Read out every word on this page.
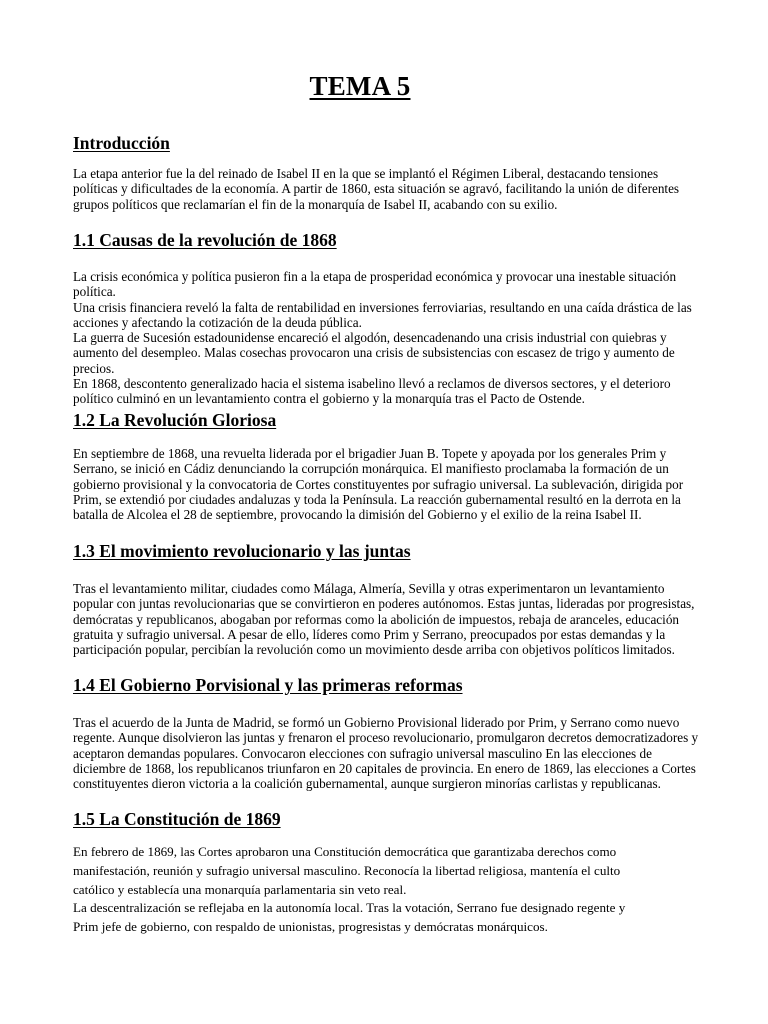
TEMA 5
Introducción

La etapa anterior fue la del reinado de Isabel II en la que se implantó el Régimen Liberal, destacando tensiones políticas y dificultades de la economía. A partir de 1860, esta situación se agravó, facilitando la unión de diferentes grupos políticos que reclamarían el fin de la monarquía de Isabel II, acabando con su exilio.

1.1 Causas de la revolución de 1868

La crisis económica y política pusieron fin a la etapa de prosperidad económica y provocar una inestable situación política.

Una crisis financiera reveló la falta de rentabilidad en inversiones ferroviarias, resultando en una caída drástica de las acciones y afectando la cotización de la deuda pública.

La guerra de Sucesión estadounidense encareció el algodón, desencadenando una crisis industrial con quiebras y aumento del desempleo. Malas cosechas provocaron una crisis de subsistencias con escasez de trigo y aumento de precios.

En 1868, descontento generalizado hacia el sistema isabelino llevó a reclamos de diversos sectores, y el deterioro político culminó en un levantamiento contra el gobierno y la monarquía tras el Pacto de Ostende.

1.2 La Revolución Gloriosa

En septiembre de 1868, una revuelta liderada por el brigadier Juan B. Topete y apoyada por los generales Prim y Serrano, se inició en Cádiz denunciando la corrupción monárquica. El manifiesto proclamaba la formación de un gobierno provisional y la convocatoria de Cortes constituyentes por sufragio universal. La sublevación, dirigida por Prim, se extendió por ciudades andaluzas y toda la Península. La reacción gubernamental resultó en la derrota en la batalla de Alcolea el 28 de septiembre, provocando la dimisión del Gobierno y el exilio de la reina Isabel II.

1.3 El movimiento revolucionario y las juntas

Tras el levantamiento militar, ciudades como Málaga, Almería, Sevilla y otras experimentaron un levantamiento popular con juntas revolucionarias que se convirtieron en poderes autónomos. Estas juntas, lideradas por progresistas, demócratas y republicanos, abogaban por reformas como la abolición de impuestos, rebaja de aranceles, educación gratuita y sufragio universal. A pesar de ello, líderes como Prim y Serrano, preocupados por estas demandas y la participación popular, percibían la revolución como un movimiento desde arriba con objetivos políticos limitados.

1.4 El Gobierno Porvisional y las primeras reformas

Tras el acuerdo de la Junta de Madrid, se formó un Gobierno Provisional liderado por Prim, y Serrano como nuevo regente. Aunque disolvieron las juntas y frenaron el proceso revolucionario, promulgaron decretos democratizadores y aceptaron demandas populares. Convocaron elecciones con sufragio universal masculino En las elecciones de diciembre de 1868, los republicanos triunfaron en 20 capitales de provincia. En enero de 1869, las elecciones a Cortes constituyentes dieron victoria a la coalición gubernamental, aunque surgieron minorías carlistas y republicanas.

1.5 La Constitución de 1869

En febrero de 1869, las Cortes aprobaron una Constitución democrática que garantizaba derechos como manifestación, reunión y sufragio universal masculino. Reconocía la libertad religiosa, mantenía el culto católico y establecía una monarquía parlamentaria sin veto real.

La descentralización se reflejaba en la autonomía local. Tras la votación, Serrano fue designado regente y Prim jefe de gobierno, con respaldo de unionistas, progresistas y demócratas monárquicos.
